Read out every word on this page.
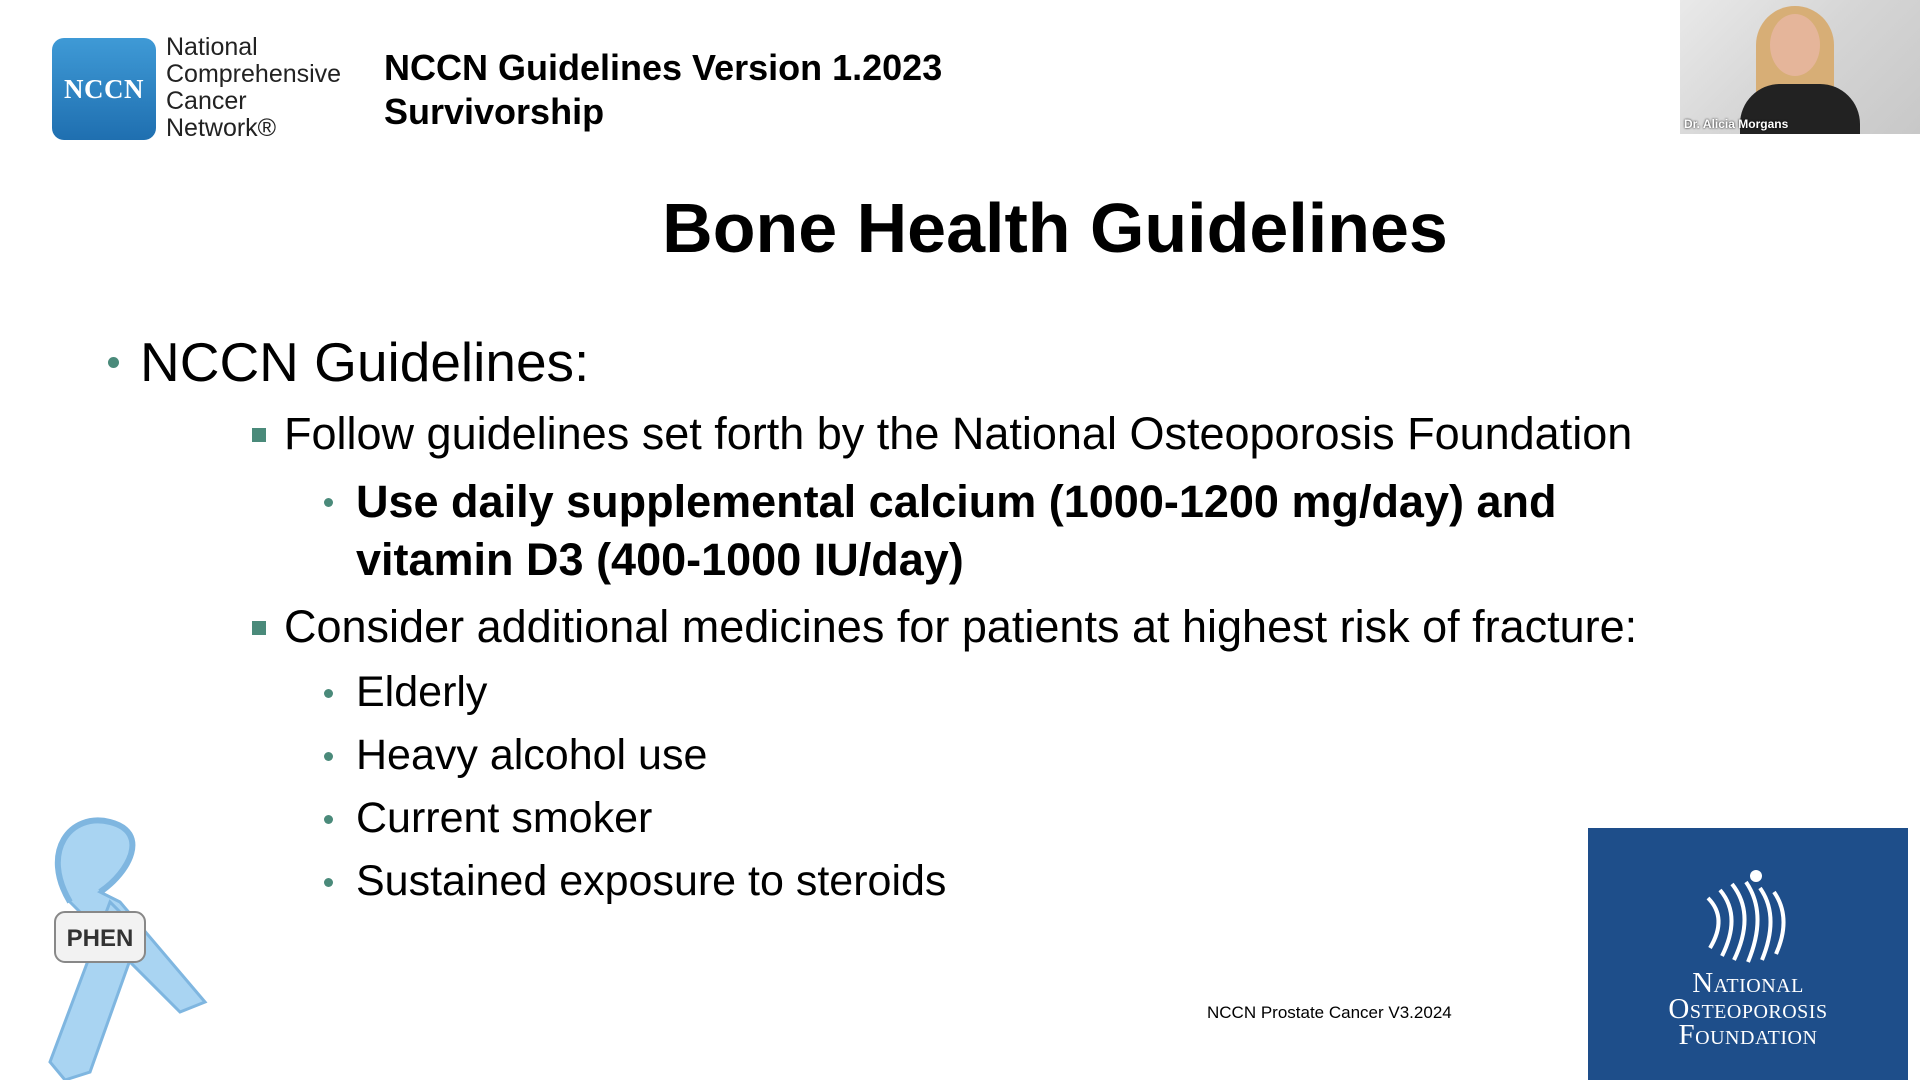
NCCN
National
Comprehensive
Cancer
Network®
NCCN Guidelines Version 1.2023
Survivorship
Bone Health Guidelines
NCCN Guidelines:
Follow guidelines set forth by the National Osteoporosis Foundation
Use daily supplemental calcium (1000-1200 mg/day) and
vitamin D3 (400-1000 IU/day)
Consider additional medicines for patients at highest risk of fracture:
Elderly
Heavy alcohol use
Current smoker
Sustained exposure to steroids
NCCN Prostate Cancer V3.2024
Dr. Alicia Morgans
PHEN
National
Osteoporosis
Foundation
